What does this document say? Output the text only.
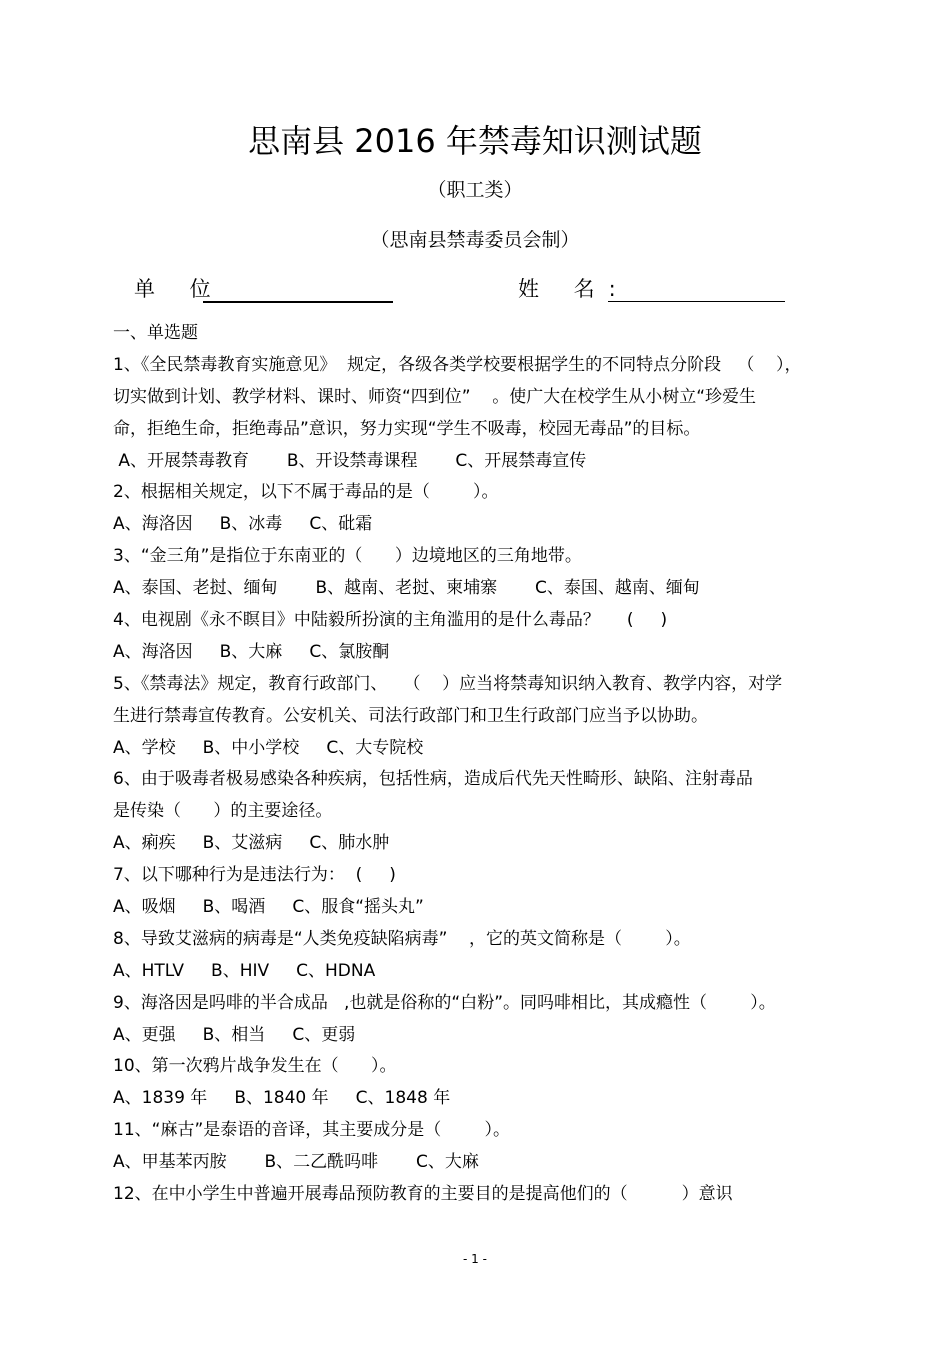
思南县 2016 年禁毒知识测试题
（职工类）
（思南县禁毒委员会制）
单 位	姓 名:
一、单选题
1、《全民禁毒教育实施意见》  规定，各级各类学校要根据学生的不同特点分阶段   （    ），
切实做到计划、教学材料、课时、师资“四到位”    。使广大在校学生从小树立“珍爱生
命，拒绝生命，拒绝毒品”意识，努力实现“学生不吸毒，校园无毒品”的目标。
A、开展禁毒教育       B、开设禁毒课程       C、开展禁毒宣传
2、根据相关规定，以下不属于毒品的是（        ）。
A、海洛因     B、冰毒     C、砒霜
3、“金三角”是指位于东南亚的（      ）边境地区的三角地带。
A、泰国、老挝、缅甸       B、越南、老挝、柬埔寨       C、泰国、越南、缅甸
4、电视剧《永不瞑目》中陆毅所扮演的主角滥用的是什么毒品？     (     )
A、海洛因     B、大麻     C、氯胺酮
5、《禁毒法》规定，教育行政部门、   （    ）应当将禁毒知识纳入教育、教学内容，对学
生进行禁毒宣传教育。公安机关、司法行政部门和卫生行政部门应当予以协助。
A、学校     B、中小学校     C、大专院校
6、由于吸毒者极易感染各种疾病，包括性病，造成后代先天性畸形、缺陷、注射毒品
是传染（      ）的主要途径。
A、痢疾     B、艾滋病     C、肺水肿
7、以下哪种行为是违法行为：  (     )
A、吸烟     B、喝酒     C、服食“摇头丸”
8、导致艾滋病的病毒是“人类免疫缺陷病毒”    ，它的英文简称是（        ）。
A、HTLV     B、HIV     C、HDNA
9、海洛因是吗啡的半合成品   ,也就是俗称的“白粉”。同吗啡相比，其成瘾性（        ）。
A、更强     B、相当     C、更弱
10、第一次鸦片战争发生在（      ）。
A、1839 年     B、1840 年     C、1848 年
11、“麻古”是泰语的音译，其主要成分是（        ）。
A、甲基苯丙胺       B、二乙酰吗啡       C、大麻
12、在中小学生中普遍开展毒品预防教育的主要目的是提高他们的（          ）意识
- 1 -
